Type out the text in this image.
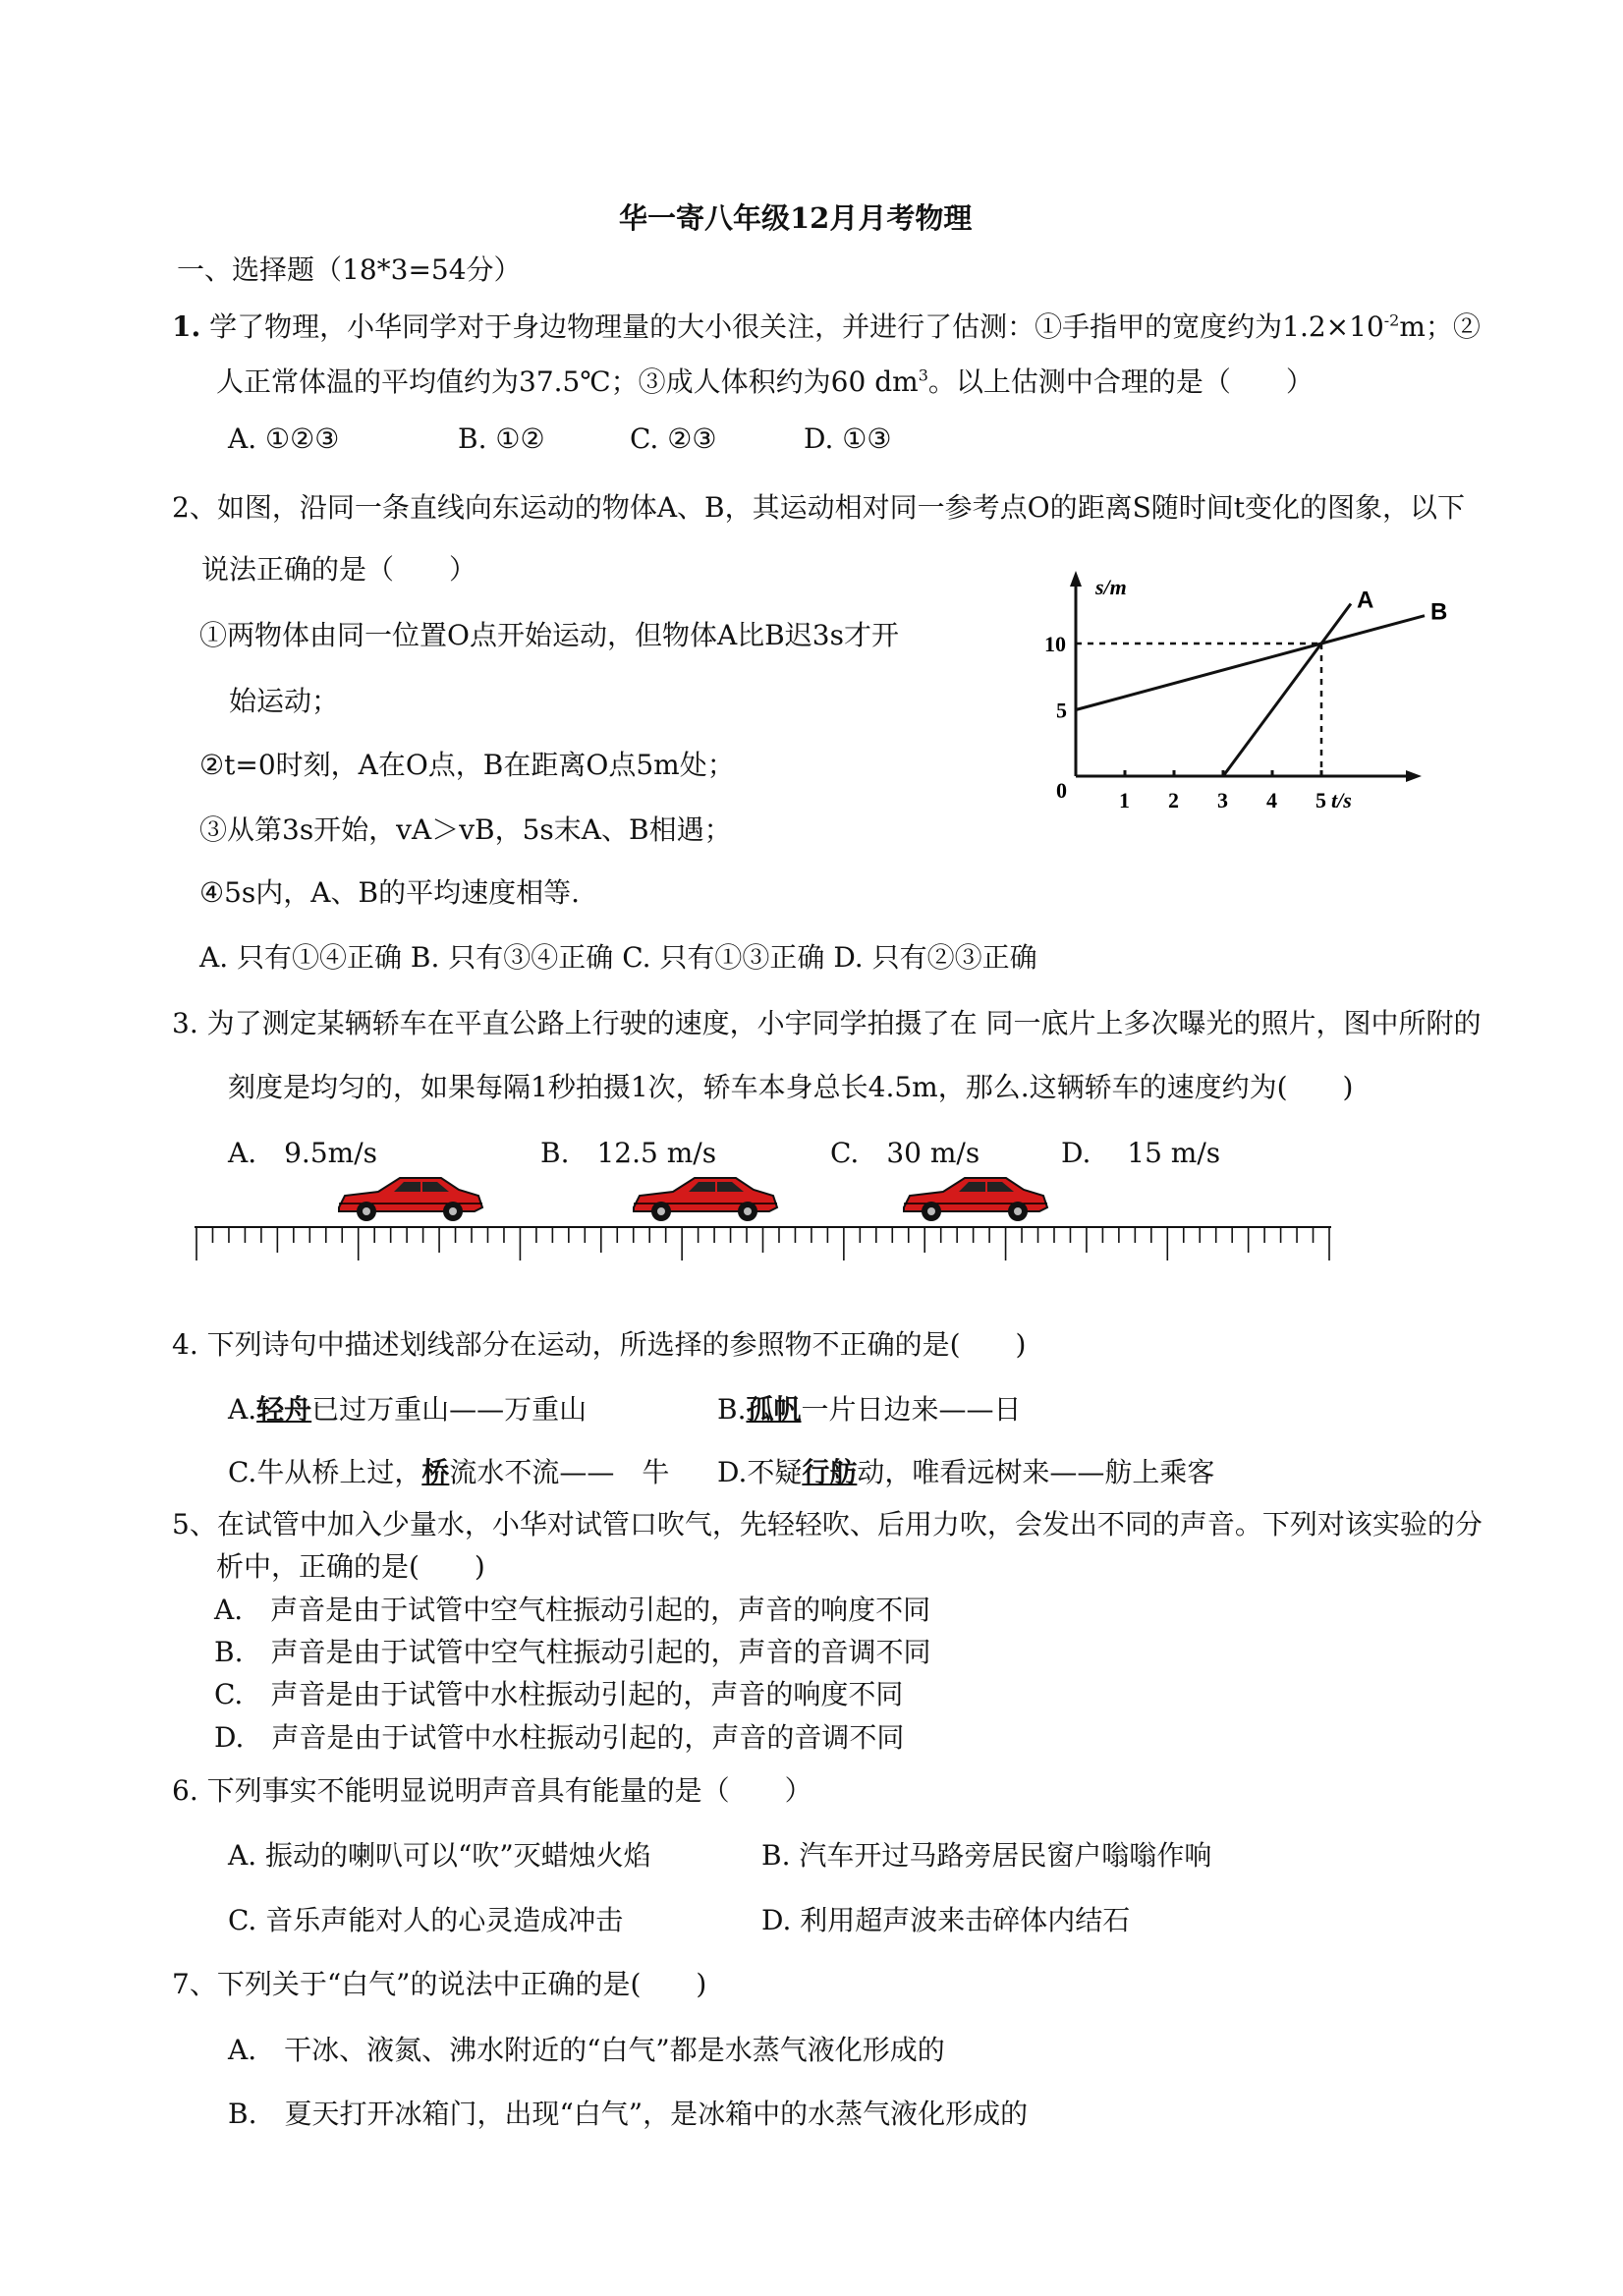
华一寄八年级12月月考物理
一、选择题（18*3=54分）
1. 学了物理，小华同学对于身边物理量的大小很关注，并进行了估测：①手指甲的宽度约为$1.2\times 10^{-2}m$；②
人正常体温的平均值约为37.5℃；③成人体积约为60 $dm^3$。以上估测中合理的是（　　）
A. ①②③	B. ①②	C. ②③	D. ①③
2、如图，沿同一条直线向东运动的物体A、B，其运动相对同一参考点O的距离S随时间t变化的图象，以下
说法正确的是（　　）
①两物体由同一位置O点开始运动，但物体A比B迟3s才开
始运动；
②t=0时刻，A在O点，B在距离O点5m处；
③从第3s开始，vA＞vB，5s末A、B相遇；
④5s内，A、B的平均速度相等.
A. 只有①④正确 B. 只有③④正确 C. 只有①③正确 D. 只有②③正确
s/m
t/s
1 2 3 4 5
0
5
10
A B
3. 为了测定某辆轿车在平直公路上行驶的速度，小宇同学拍摄了在 同一底片上多次曝光的照片，图中所附的
刻度是均匀的，如果每隔1秒拍摄1次，轿车本身总长4.5m，那么.这辆轿车的速度约为(　　)
A.　9.5m/s	B.　12.5 m/s	C.　30 m/s	D.　 15 m/s
4. 下列诗句中描述划线部分在运动，所选择的参照物不正确的是(　　)
A.轻舟已过万重山——万重山	B.孤帆一片日边来——日
C.牛从桥上过，桥流水不流——　牛 D.不疑行舫动，唯看远树来——舫上乘客
5、在试管中加入少量水，小华对试管口吹气，先轻轻吹、后用力吹，会发出不同的声音。下列对该实验的分
析中，正确的是(　　)
A.　声音是由于试管中空气柱振动引起的，声音的响度不同
B.　声音是由于试管中空气柱振动引起的，声音的音调不同
C.　声音是由于试管中水柱振动引起的，声音的响度不同
D.　声音是由于试管中水柱振动引起的，声音的音调不同
6. 下列事实不能明显说明声音具有能量的是（　　）
A. 振动的喇叭可以“吹”灭蜡烛火焰	B. 汽车开过马路旁居民窗户嗡嗡作响
C. 音乐声能对人的心灵造成冲击	D. 利用超声波来击碎体内结石
7、下列关于“白气”的说法中正确的是(　　)
A.　干冰、液氮、沸水附近的“白气”都是水蒸气液化形成的
B.　夏天打开冰箱门，出现“白气”，是冰箱中的水蒸气液化形成的
